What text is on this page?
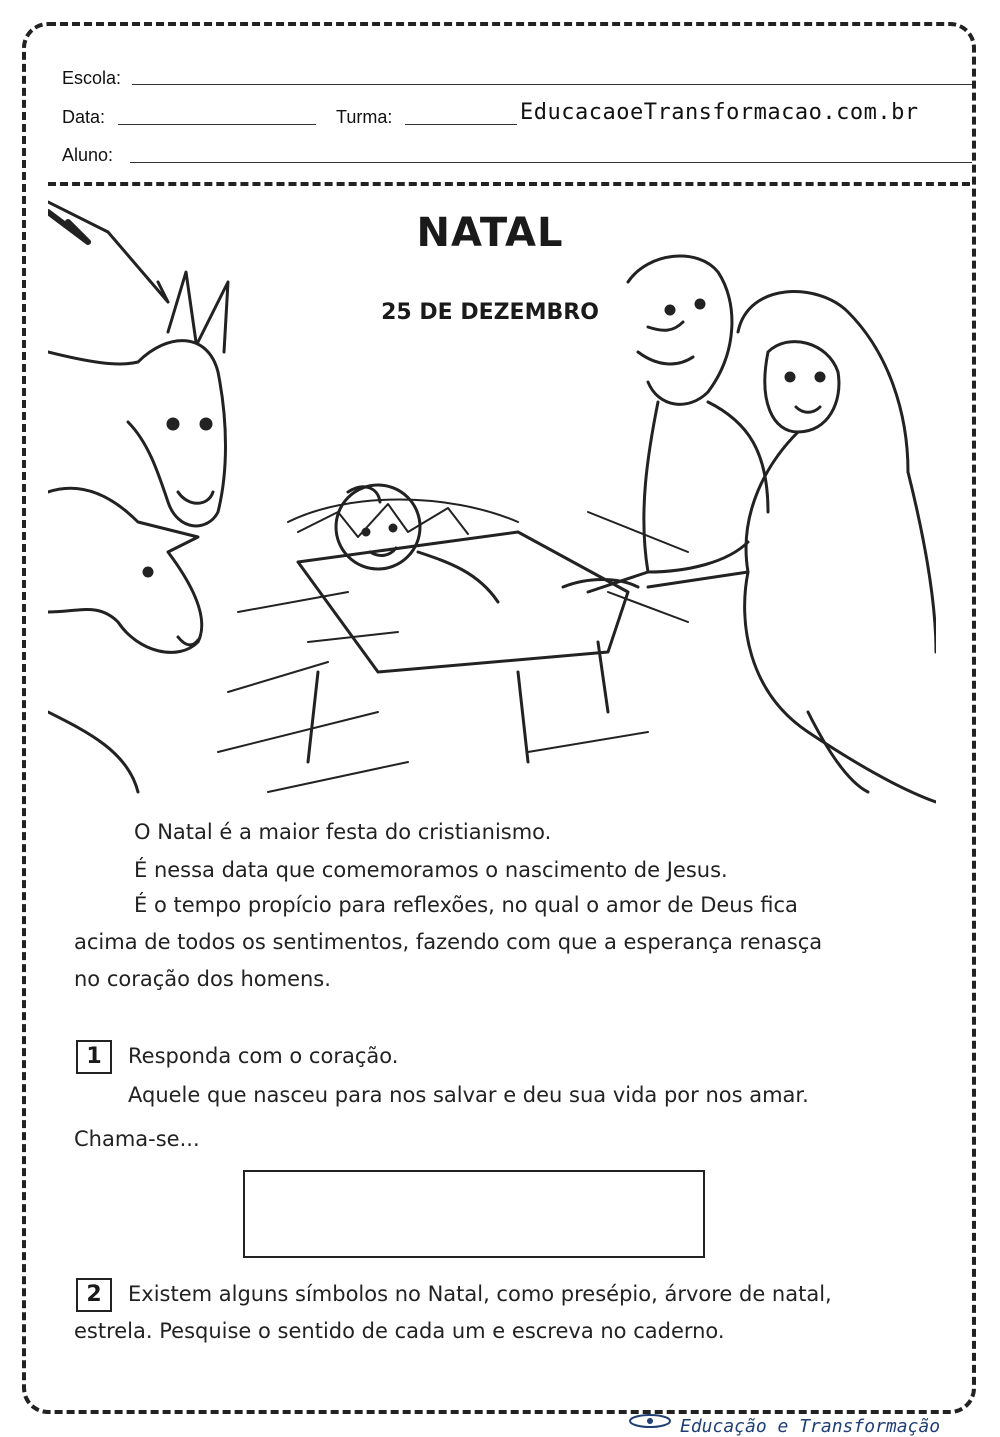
Escola:
Data:	Turma:	EducacaoeTransformacao.com.br
Aluno:
NATAL
25 DE DEZEMBRO
O Natal é a maior festa do cristianismo.
É nessa data que comemoramos o nascimento de Jesus.
É o tempo propício para reflexões, no qual o amor de Deus fica
acima de todos os sentimentos, fazendo com que a esperança renasça
no coração dos homens.
1	Responda com o coração.
Aquele que nasceu para nos salvar e deu sua vida por nos amar.
Chama-se...
2	Existem alguns símbolos no Natal, como presépio, árvore de natal,
estrela. Pesquise o sentido de cada um e escreva no caderno.
Educação e Transformação
